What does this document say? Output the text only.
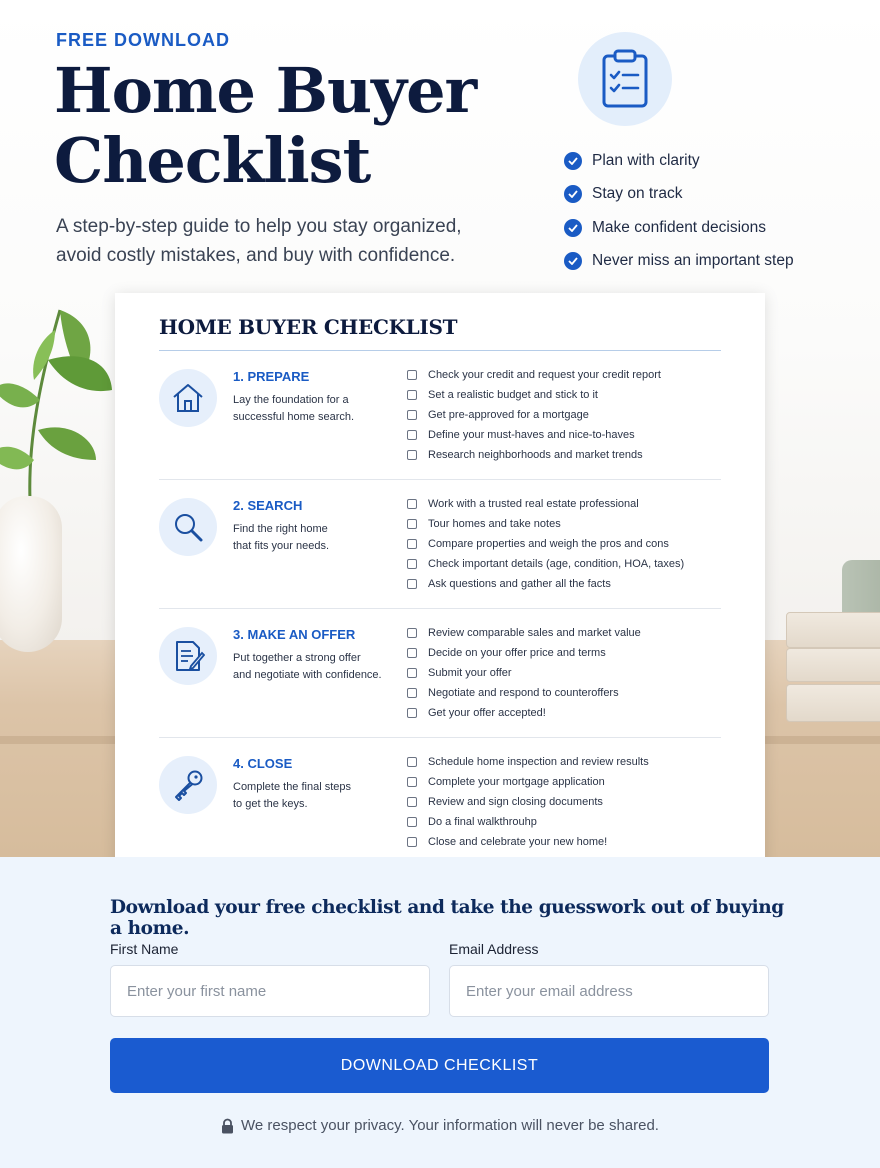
FREE DOWNLOAD
Home Buyer
Checklist

A step-by-step guide to help you stay organized,
avoid costly mistakes, and buy with confidence.

Plan with clarity
Stay on track
Make confident decisions
Never miss an important step
HOME BUYER CHECKLIST
1. PREPARE
Lay the foundation for a
successful home search.
Check your credit and request your credit report
Set a realistic budget and stick to it
Get pre-approved for a mortgage
Define your must-haves and nice-to-haves
Research neighborhoods and market trends
2. SEARCH
Find the right home
that fits your needs.
Work with a trusted real estate professional
Tour homes and take notes
Compare properties and weigh the pros and cons
Check important details (age, condition, HOA, taxes)
Ask questions and gather all the facts
3. MAKE AN OFFER
Put together a strong offer
and negotiate with confidence.
Review comparable sales and market value
Decide on your offer price and terms
Submit your offer
Negotiate and respond to counteroffers
Get your offer accepted!
4. CLOSE
Complete the final steps
to get the keys.
Schedule home inspection and review results
Complete your mortgage application
Review and sign closing documents
Do a final walkthrouhp
Close and celebrate your new home!
Download your free checklist and take the guesswork out of buying a home.
First Name
Enter your first name	Email Address
Enter your email address
DOWNLOAD CHECKLIST
We respect your privacy. Your information will never be shared.
